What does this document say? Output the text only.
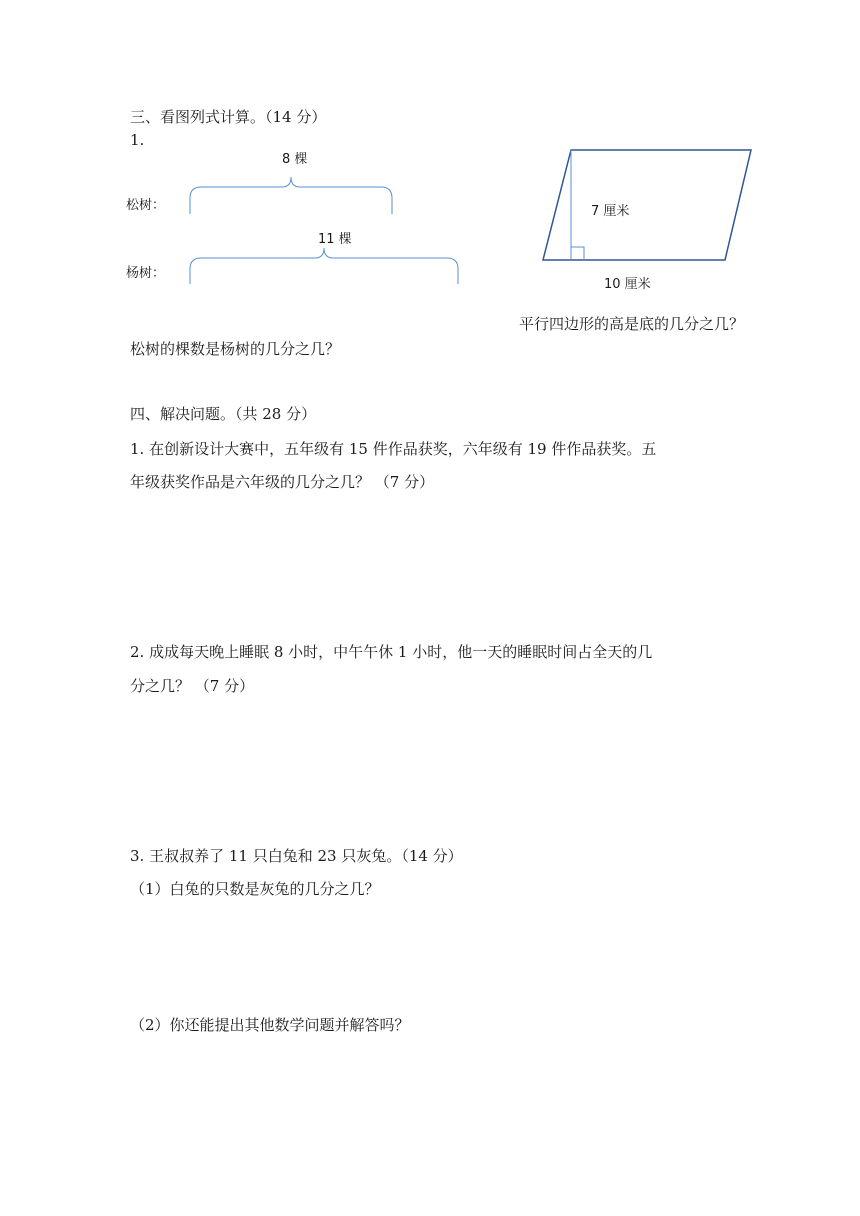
三、看图列式计算。（14 分）
1.
8 棵
松树：
11 棵
杨树：
7 厘米
10 厘米
平行四边形的高是底的几分之几？
松树的棵数是杨树的几分之几？
四、解决问题。（共 28 分）
1. 在创新设计大赛中，五年级有 15 件作品获奖，六年级有 19 件作品获奖。五
年级获奖作品是六年级的几分之几？ （7 分）
2. 成成每天晚上睡眠 8 小时，中午午休 1 小时，他一天的睡眠时间占全天的几
分之几？ （7 分）
3. 王叔叔养了 11 只白兔和 23 只灰兔。（14 分）
（1）白兔的只数是灰兔的几分之几？
（2）你还能提出其他数学问题并解答吗？
